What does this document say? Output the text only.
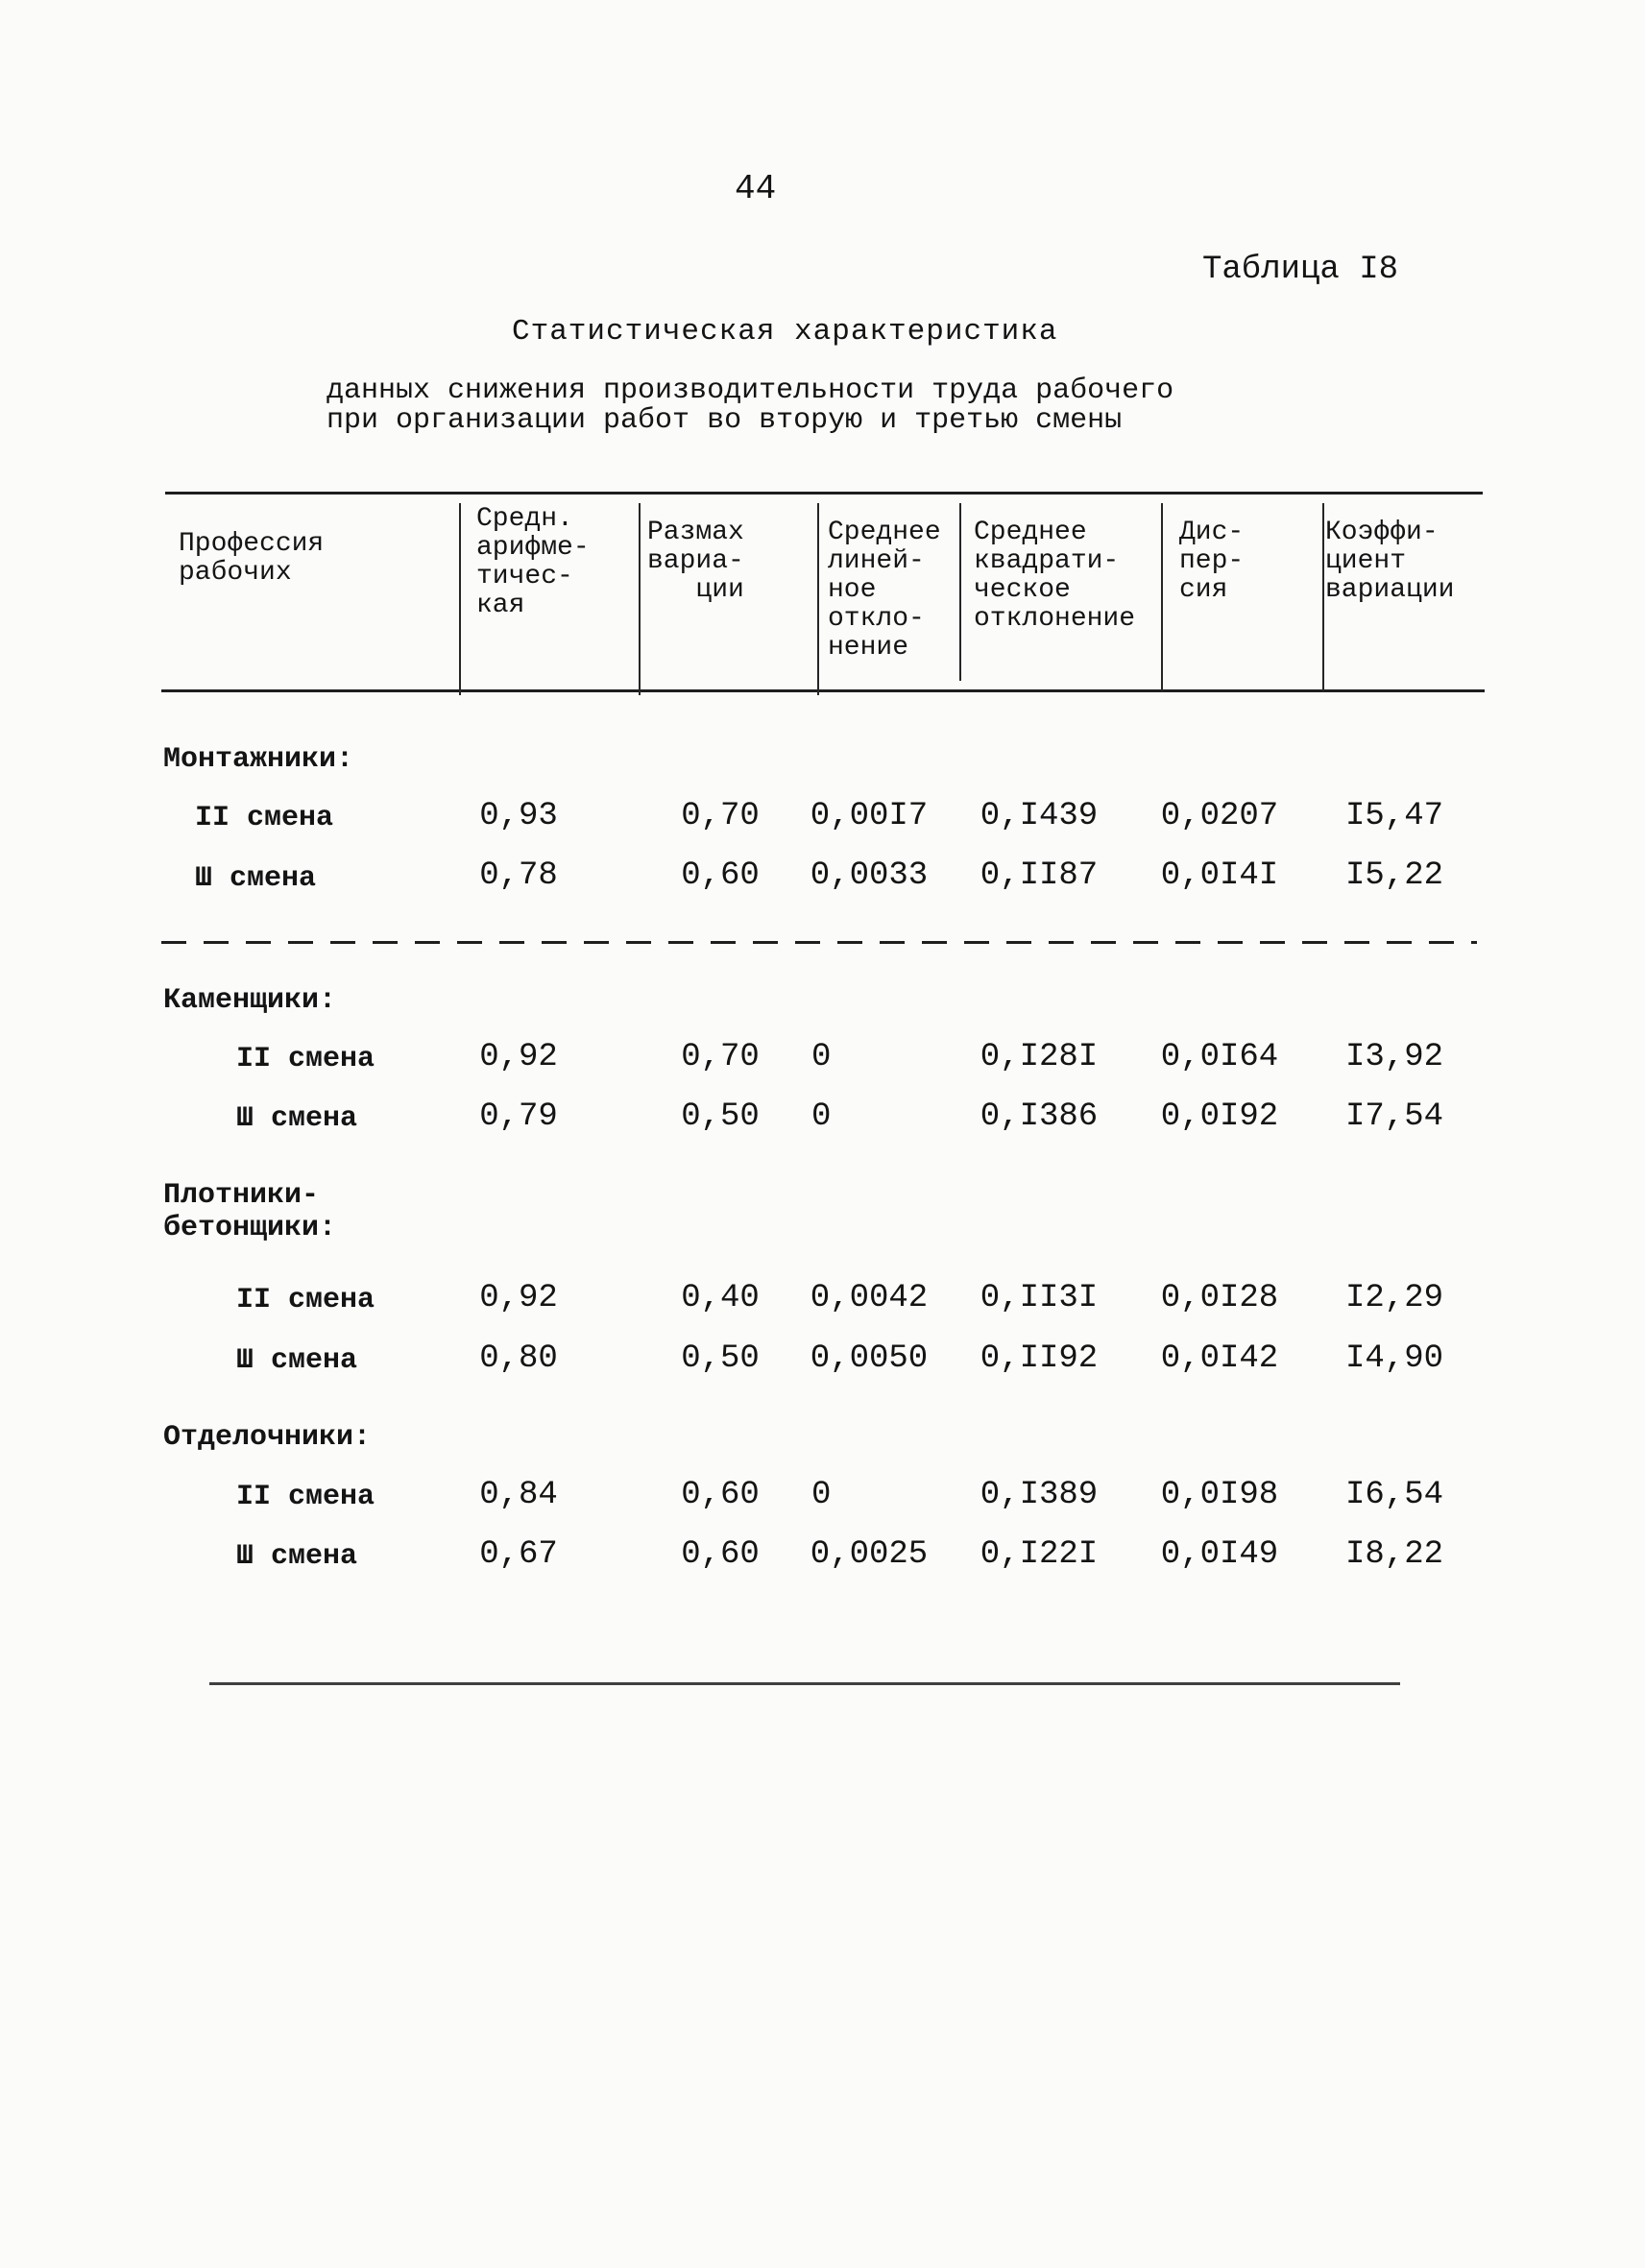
44
Таблица I8
Статистическая характеристика
данных снижения производительности труда рабочего
при организации работ во вторую и третью смены
Профессия
рабочих
Средн.
арифме-
тичес-
кая
Размах
вариа-
ции
Среднее
линей-
ное
отклo-
нение
Среднее
квадрати-
ческое
отклонение
Дис-
пер-
сия
Коэффи-
циент
вариации
Монтажники:
II смена	0,93	0,70	0,00I7 0,I439 0,0207	I5,47
Ш смена	0,78	0,60	0,0033 0,II87 0,0I4I	I5,22
Каменщики:
II смена	0,92	0,70	0	0,I28I 0,0I64	I3,92
Ш смена	0,79	0,50	0	0,I386 0,0I92	I7,54
Плотники-
бетонщики:
II смена	0,92	0,40	0,0042 0,II3I 0,0I28	I2,29
Ш смена	0,80	0,50	0,0050 0,II92 0,0I42	I4,90
Отделочники:
II смена	0,84	0,60	0	0,I389 0,0I98	I6,54
Ш смена	0,67	0,60	0,0025 0,I22I 0,0I49	I8,22
